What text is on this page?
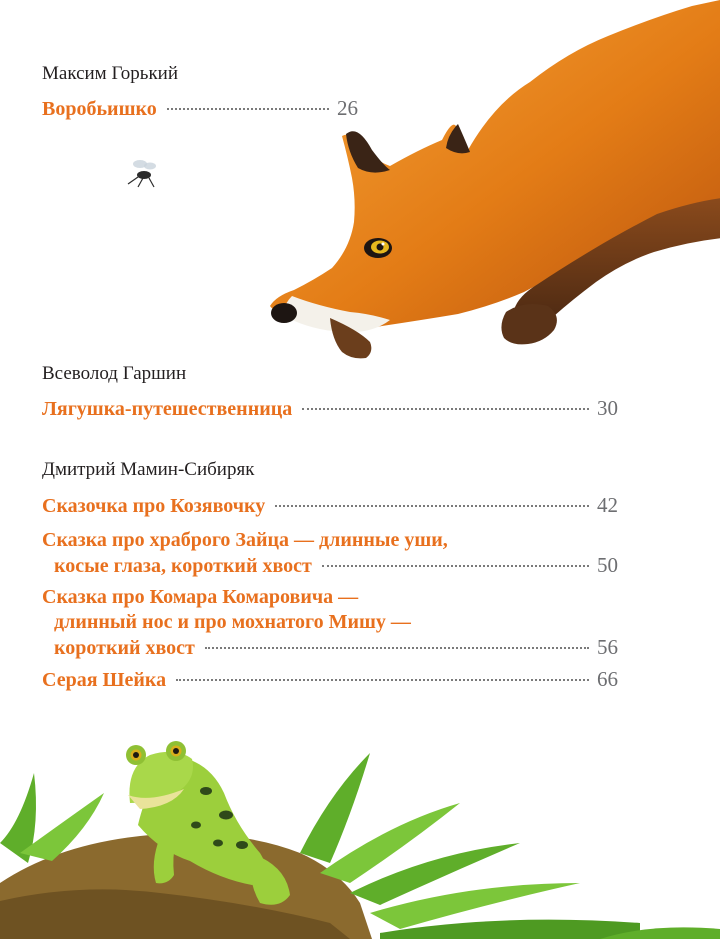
Максим Горький
Воробьишко	26
Всеволод Гаршин
Лягушка-путешественница	30
Дмитрий Мамин-Сибиряк
Сказочка про Козявочку	42
Сказка про храброго Зайца — длинные уши,
косые глаза, короткий хвост	50
Сказка про Комара Комаровича —
длинный нос и про мохнатого Мишу —
короткий хвост	56
Серая Шейка	66
